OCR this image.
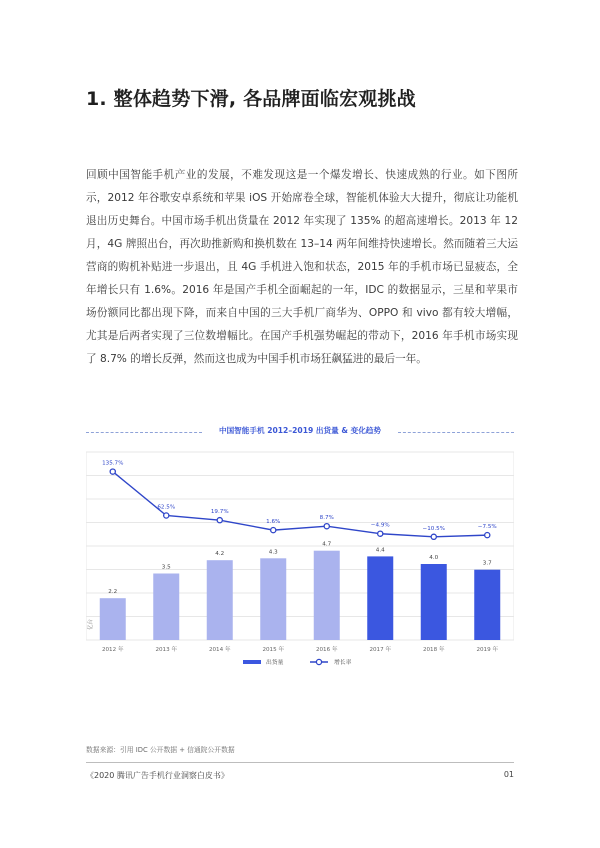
1. 整体趋势下滑, 各品牌面临宏观挑战

回顾中国智能手机产业的发展，不难发现这是一个爆发增长、快速成熟的行业。如下图所示，2012 年谷歌安卓系统和苹果 iOS 开始席卷全球，智能机体验大大提升，彻底让功能机退出历史舞台。中国市场手机出货量在 2012 年实现了 135% 的超高速增长。2013 年 12 月，4G 牌照出台，再次助推新购和换机数在 13–14 两年间维持快速增长。然而随着三大运营商的购机补贴进一步退出，且 4G 手机进入饱和状态，2015 年的手机市场已显疲态，全年增长只有 1.6%。2016 年是国产手机全面崛起的一年，IDC 的数据显示，三星和苹果市场份额同比都出现下降，而来自中国的三大手机厂商华为、OPPO 和 vivo 都有较大增幅，尤其是后两者实现了三位数增幅比。在国产手机强势崛起的带动下，2016 年手机市场实现了 8.7% 的增长反弹，然而这也成为中国手机市场狂飙猛进的最后一年。

中国智能手机 2012–2019 出货量 & 变化趋势
亿台
2.2
3.5
4.2	4.3
4.7
4.4
4.0
3.7
135.7%
62.5%
19.7%
1.6%
8.7%
−4.9%
−10.5%	−7.5%
2012 年	2013 年	2014 年	2015 年	2016 年	2017 年	2018 年	2019 年
出货量	增长率
数据来源：引用 IDC 公开数据 + 信通院公开数据
《2020 腾讯广告手机行业洞察白皮书》	01
